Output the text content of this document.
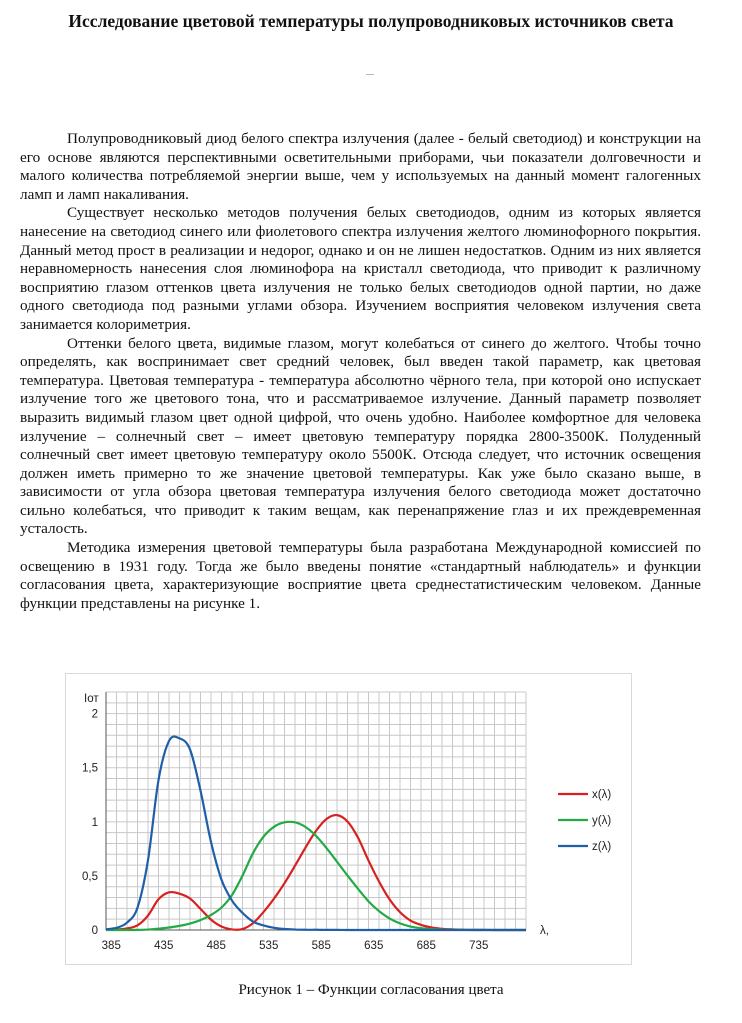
Исследование цветовой температуры полупроводниковых источников света

Полупроводниковый диод белого спектра излучения (далее - белый светодиод) и конструкции на его основе являются перспективными осветительными приборами, чьи показатели долговечности и малого количества потребляемой энергии выше, чем у используемых на данный момент галогенных ламп и ламп накаливания.

Существует несколько методов получения белых светодиодов, одним из которых является нанесение на светодиод синего или фиолетового спектра излучения желтого люминофорного покрытия. Данный метод прост в реализации и недорог, однако и он не лишен недостатков. Одним из них является неравномерность нанесения слоя люминофора на кристалл светодиода, что приводит к различному восприятию глазом оттенков цвета излучения не только белых светодиодов одной партии, но даже одного светодиода под разными углами обзора. Изучением восприятия человеком излучения света занимается колориметрия.

Оттенки белого цвета, видимые глазом, могут колебаться от синего до желтого. Чтобы точно определять, как воспринимает свет средний человек, был введен такой параметр, как цветовая температура. Цветовая температура - температура абсолютно чёрного тела, при которой оно испускает излучение того же цветового тона, что и рассматриваемое излучение. Данный параметр позволяет выразить видимый глазом цвет одной цифрой, что очень удобно. Наиболее комфортное для человека излучение – солнечный свет – имеет цветовую температуру порядка 2800-3500К. Полуденный солнечный свет имеет цветовую температуру около 5500К. Отсюда следует, что источник освещения должен иметь примерно то же значение цветовой температуры. Как уже было сказано выше, в зависимости от угла обзора цветовая температура излучения белого светодиода может достаточно сильно колебаться, что приводит к таким вещам, как перенапряжение глаз и их преждевременная усталость.

Методика измерения цветовой температуры была разработана Международной комиссией по освещению в 1931 году. Тогда же было введены понятие «стандартный наблюдатель» и функции согласования цвета, характеризующие восприятие цвета среднестатистическим человеком. Данные функции представлены на рисунке 1.

385	435	485	535	585	635	685	735
0
0,5
1
1,5
2
Iот
λ,
x(λ)
y(λ)
z(λ)
Рисунок 1 – Функции согласования цвета
